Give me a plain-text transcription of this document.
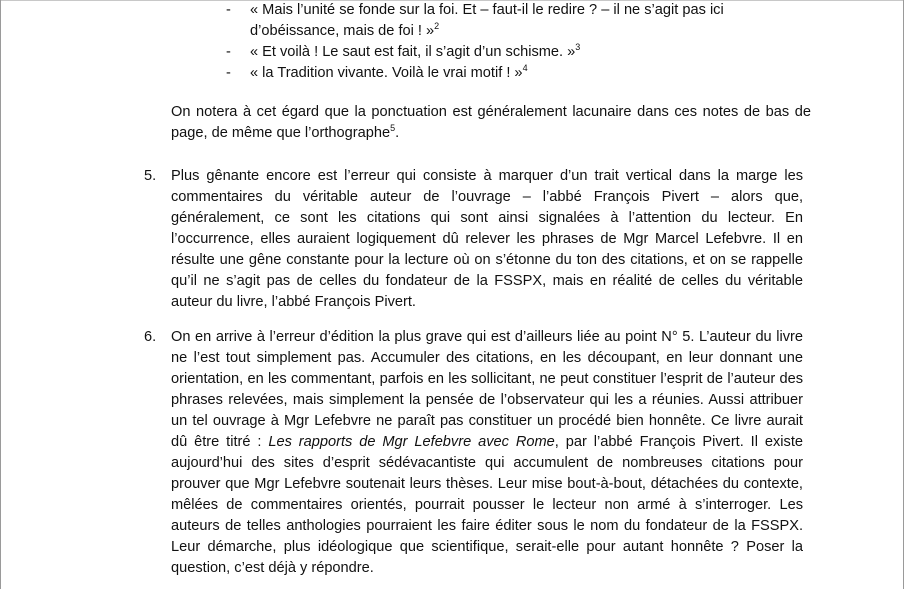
- « Mais l’unité se fonde sur la foi. Et – faut-il le redire ? – il ne s’agit pas ici
d’obéissance, mais de foi ! »$^2$
- « Et voilà ! Le saut est fait, il s’agit d’un schisme. »$^3$
- « la Tradition vivante. Voilà le vrai motif ! »$^4$

On notera à cet égard que la ponctuation est généralement lacunaire dans ces notes de bas de page, de même que l’orthographe$^5$.

5. Plus gênante encore est l’erreur qui consiste à marquer d’un trait vertical dans la marge les commentaires du véritable auteur de l’ouvrage – l’abbé François Pivert – alors que, généralement, ce sont les citations qui sont ainsi signalées à l’attention du lecteur. En l’occurrence, elles auraient logiquement dû relever les phrases de Mgr Marcel Lefebvre. Il en résulte une gêne constante pour la lecture où on s’étonne du ton des citations, et on se rappelle qu’il ne s’agit pas de celles du fondateur de la FSSPX, mais en réalité de celles du véritable auteur du livre, l’abbé François Pivert.

6. On en arrive à l’erreur d’édition la plus grave qui est d’ailleurs liée au point N° 5. L’auteur du livre ne l’est tout simplement pas. Accumuler des citations, en les découpant, en leur donnant une orientation, en les commentant, parfois en les sollicitant, ne peut constituer l’esprit de l’auteur des phrases relevées, mais simplement la pensée de l’observateur qui les a réunies. Aussi attribuer un tel ouvrage à Mgr Lefebvre ne paraît pas constituer un procédé bien honnête. Ce livre aurait dû être titré : Les rapports de Mgr Lefebvre avec Rome, par l’abbé François Pivert. Il existe aujourd’hui des sites d’esprit sédévacantiste qui accumulent de nombreuses citations pour prouver que Mgr Lefebvre soutenait leurs thèses. Leur mise bout-à-bout, détachées du contexte, mêlées de commentaires orientés, pourrait pousser le lecteur non armé à s’interroger. Les auteurs de telles anthologies pourraient les faire éditer sous le nom du fondateur de la FSSPX. Leur démarche, plus idéologique que scientifique, serait-elle pour autant honnête ? Poser la question, c’est déjà y répondre.
